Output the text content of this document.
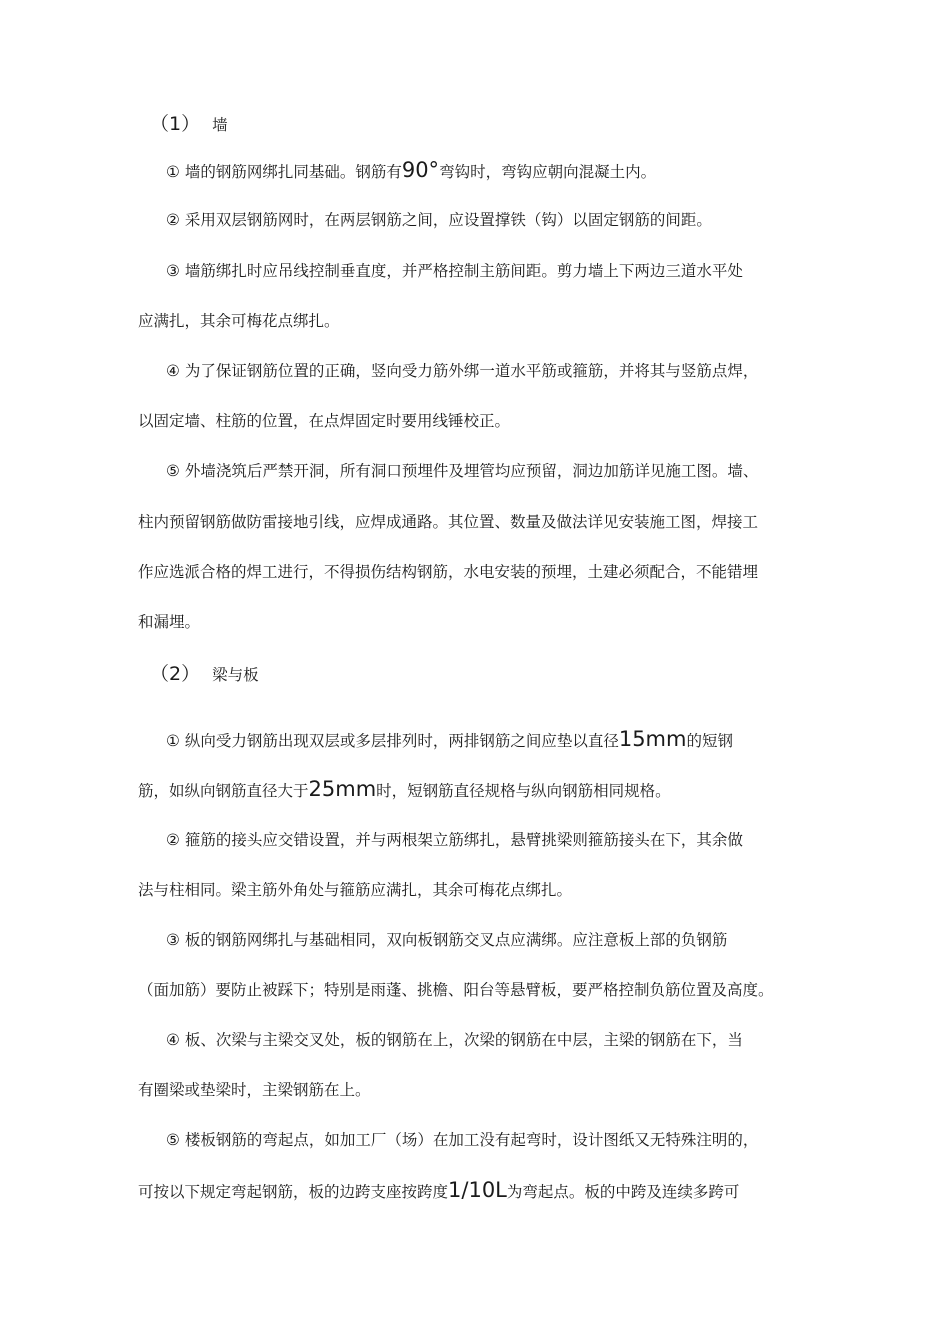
（1） 墙
① 墙的钢筋网绑扎同基础。钢筋有90°弯钩时，弯钩应朝向混凝土内。
② 采用双层钢筋网时，在两层钢筋之间，应设置撑铁（钩）以固定钢筋的间距。
③ 墙筋绑扎时应吊线控制垂直度，并严格控制主筋间距。剪力墙上下两边三道水平处
应满扎，其余可梅花点绑扎。
④ 为了保证钢筋位置的正确，竖向受力筋外绑一道水平筋或箍筋，并将其与竖筋点焊，
以固定墙、柱筋的位置，在点焊固定时要用线锤校正。
⑤ 外墙浇筑后严禁开洞，所有洞口预埋件及埋管均应预留，洞边加筋详见施工图。墙、
柱内预留钢筋做防雷接地引线，应焊成通路。其位置、数量及做法详见安装施工图，焊接工
作应选派合格的焊工进行，不得损伤结构钢筋，水电安装的预埋，土建必须配合，不能错埋
和漏埋。
（2） 梁与板
① 纵向受力钢筋出现双层或多层排列时，两排钢筋之间应垫以直径15mm的短钢
筋，如纵向钢筋直径大于25mm时，短钢筋直径规格与纵向钢筋相同规格。
② 箍筋的接头应交错设置，并与两根架立筋绑扎，悬臂挑梁则箍筋接头在下，其余做
法与柱相同。梁主筋外角处与箍筋应满扎，其余可梅花点绑扎。
③ 板的钢筋网绑扎与基础相同，双向板钢筋交叉点应满绑。应注意板上部的负钢筋
（面加筋）要防止被踩下；特别是雨蓬、挑檐、阳台等悬臂板，要严格控制负筋位置及高度。
④ 板、次梁与主梁交叉处，板的钢筋在上，次梁的钢筋在中层，主梁的钢筋在下，当
有圈梁或垫梁时，主梁钢筋在上。
⑤ 楼板钢筋的弯起点，如加工厂（场）在加工没有起弯时，设计图纸又无特殊注明的，
可按以下规定弯起钢筋，板的边跨支座按跨度1/10L为弯起点。板的中跨及连续多跨可
